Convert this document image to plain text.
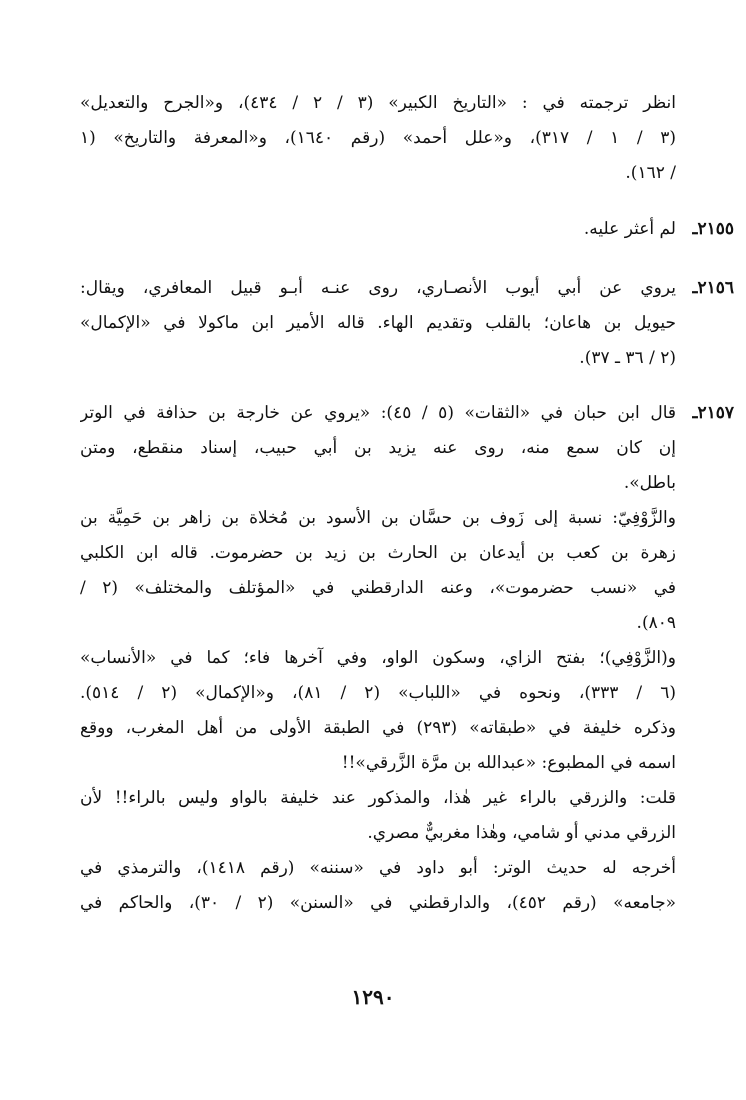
انظر ترجمته في : «التاريخ الكبير» (٣ / ٢ / ٤٣٤)، و«الجرح والتعديل»
(٣ / ١ / ٣١٧)، و«علل أحمد» (رقم ١٦٤٠)، و«المعرفة والتاريخ» (١
/ ١٦٢).
٢١٥٥ـ
لم أعثر عليه.
٢١٥٦ـ
يروي عن أبي أيوب الأنصـاري، روى عنـه أبـو قبيل المعافري، ويقال:
حيويل بن هاعان؛ بالقلب وتقديم الهاء. قاله الأمير ابن ماكولا في «الإكمال»
(٢ / ٣٦ ـ ٣٧).
٢١٥٧ـ
قال ابن حبان في «الثقات» (٥ / ٤٥): «يروي عن خارجة بن حذافة في الوتر
إن كان سمع منه، روى عنه يزيد بن أبي حبيب، إسناد منقطع، ومتن
باطل».
والزَّوْفِيّ: نسبة إلى زَوف بن حسَّان بن الأسود بن مُخلاة بن زاهر بن حَمِيَّة بن
زهرة بن كعب بن أيدعان بن الحارث بن زيد بن حضرموت. قاله ابن الكلبي
في «نسب حضرموت»، وعنه الدارقطني في «المؤتلف والمختلف» (٢ /
٨٠٩).
و(الزَّوْفِي)؛ بفتح الزاي، وسكون الواو، وفي آخرها فاء؛ كما في «الأنساب»
(٦ / ٣٣٣)، ونحوه في «اللباب» (٢ / ٨١)، و«الإكمال» (٢ / ٥١٤).
وذكره خليفة في «طبقاته» (٢٩٣) في الطبقة الأولى من أهل المغرب، ووقع
اسمه في المطبوع: «عبدالله بن مرَّة الزَّرقي»!!
قلت: والزرقي بالراء غير هٰذا، والمذكور عند خليفة بالواو وليس بالراء!! لأن
الزرقي مدني أو شامي، وهٰذا مغربيٌّ مصري.
أخرجه له حديث الوتر: أبو داود في «سننه» (رقم ١٤١٨)، والترمذي في
«جامعه» (رقم ٤٥٢)، والدارقطني في «السنن» (٢ / ٣٠)، والحاكم في
١٢٩٠
